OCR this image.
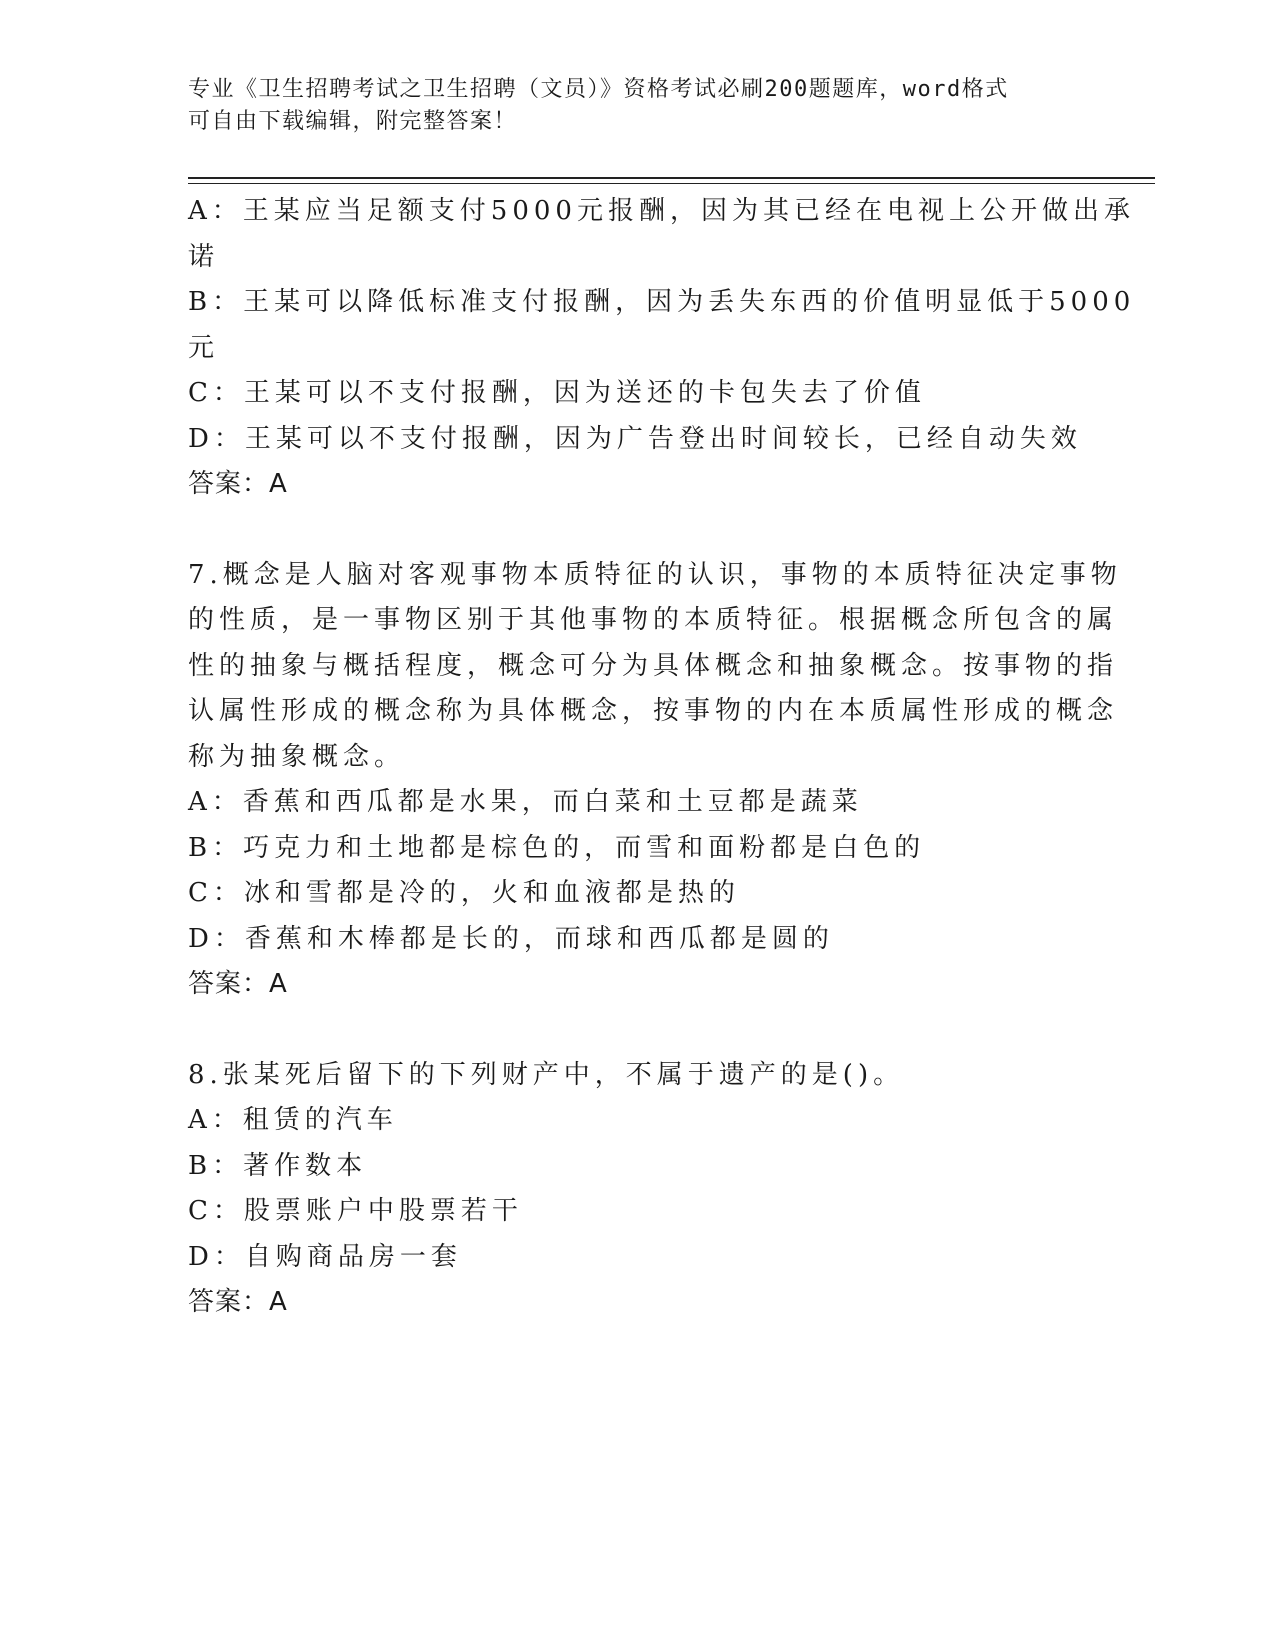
专业《卫生招聘考试之卫生招聘（文员）》资格考试必刷200题题库，word格式
可自由下载编辑，附完整答案！
A：王某应当足额支付5000元报酬，因为其已经在电视上公开做出承
诺
B：王某可以降低标准支付报酬，因为丢失东西的价值明显低于5000
元
C：王某可以不支付报酬，因为送还的卡包失去了价值
D：王某可以不支付报酬，因为广告登出时间较长，已经自动失效
答案：A
7.概念是人脑对客观事物本质特征的认识，事物的本质特征决定事物
的性质，是一事物区别于其他事物的本质特征。根据概念所包含的属
性的抽象与概括程度，概念可分为具体概念和抽象概念。按事物的指
认属性形成的概念称为具体概念，按事物的内在本质属性形成的概念
称为抽象概念。
A：香蕉和西瓜都是水果，而白菜和土豆都是蔬菜
B：巧克力和土地都是棕色的，而雪和面粉都是白色的
C：冰和雪都是冷的，火和血液都是热的
D：香蕉和木棒都是长的，而球和西瓜都是圆的
答案：A
8.张某死后留下的下列财产中，不属于遗产的是()。
A：租赁的汽车
B：著作数本
C：股票账户中股票若干
D：自购商品房一套
答案：A
